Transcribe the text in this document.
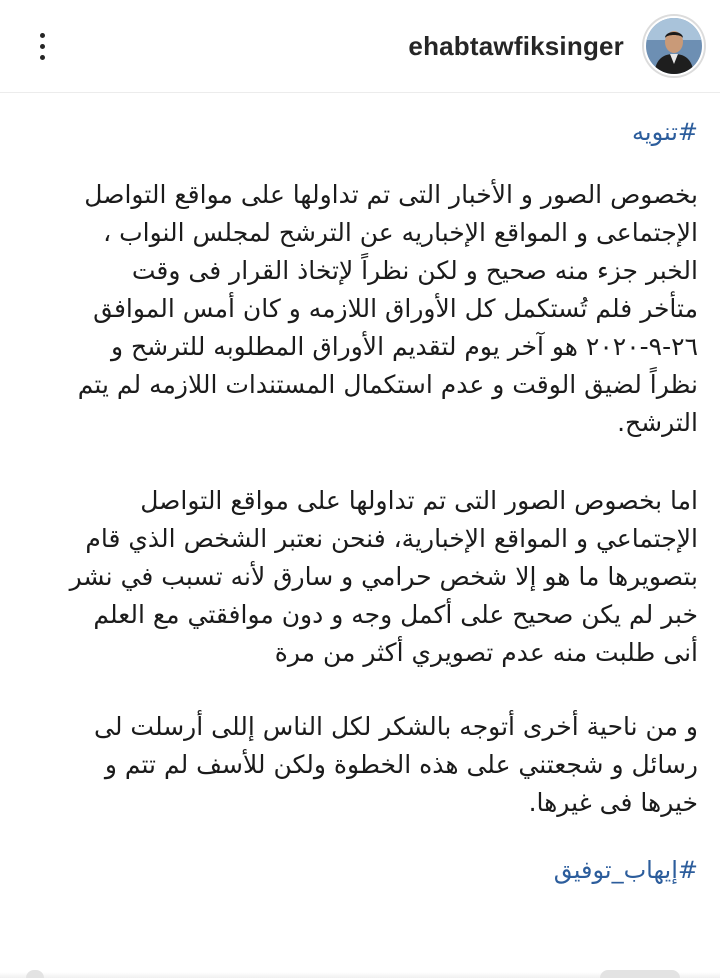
ehabtawfiksinger
#تنويه

بخصوص الصور و الأخبار التى تم تداولها على مواقع التواصل
الإجتماعى و المواقع الإخباريه عن الترشح لمجلس النواب ،
الخبر جزء منه صحيح و لكن نظراً لإتخاذ القرار فى وقت
متأخر فلم تُستكمل كل الأوراق اللازمه و كان أمس الموافق
٢٦-٩-٢٠٢٠ هو آخر يوم لتقديم الأوراق المطلوبه للترشح و
نظراً لضيق الوقت و عدم استكمال المستندات اللازمه لم يتم
الترشح.

اما بخصوص الصور التى تم تداولها على مواقع التواصل
الإجتماعي و المواقع الإخبارية، فنحن نعتبر الشخص الذي قام
بتصويرها ما هو إلا شخص حرامي و سارق لأنه تسبب في نشر
خبر لم يكن صحيح على أكمل وجه و دون موافقتي مع العلم
أنى طلبت منه عدم تصويري أكثر من مرة

و من ناحية أخرى أتوجه بالشكر لكل الناس إللى أرسلت لى
رسائل و شجعتني على هذه الخطوة ولكن للأسف لم تتم و
خيرها فى غيرها.

#إيهاب_توفيق
